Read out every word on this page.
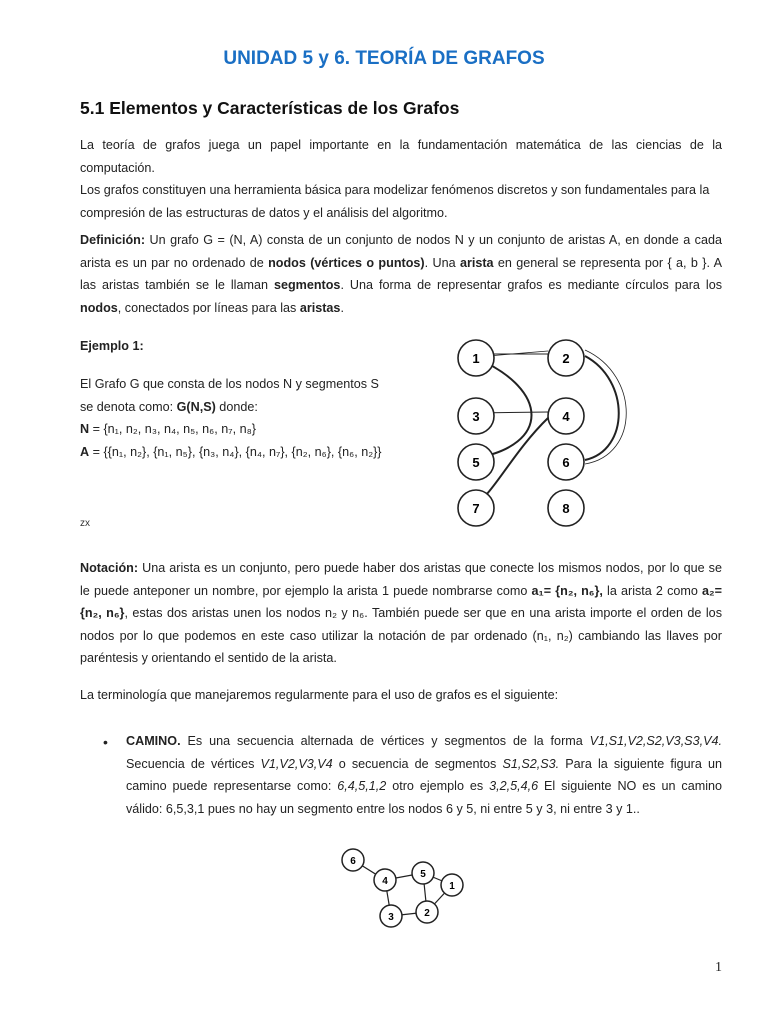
UNIDAD 5 y 6. TEORÍA DE GRAFOS
5.1 Elementos y Características de los Grafos
La teoría de grafos juega un papel importante en la fundamentación matemática de las ciencias de la computación.
Los grafos constituyen una herramienta básica para modelizar fenómenos discretos y son fundamentales para la
compresión de las estructuras de datos y el análisis del algoritmo.
Definición: Un grafo G = (N, A) consta de un conjunto de nodos N y un conjunto de aristas A, en donde a cada
arista es un par no ordenado de nodos (vértices o puntos). Una arista en general se representa por { a, b }. A
las aristas también se le llaman segmentos. Una forma de representar grafos es mediante círculos para los
nodos, conectados por líneas para las aristas.
Ejemplo 1:
El Grafo G que consta de los nodos N y segmentos S
se denota como: G(N,S) donde:
N = {n₁, n₂, n₃, n₄, n₅, n₆, n₇, n₈}
A = {{n₁, n₂}, {n₁, n₅}, {n₃, n₄}, {n₄, n₇}, {n₂, n₆}, {n₆, n₂}}
1	2
3	4
5	6
7	8
zx
Notación: Una arista es un conjunto, pero puede haber dos aristas que conecte los mismos nodos, por lo que se
le puede anteponer un nombre, por ejemplo la arista 1 puede nombrarse como a₁= {n₂, n₆}, la arista 2 como a₂=
{n₂, n₆}, estas dos aristas unen los nodos n₂ y n₆. También puede ser que en una arista importe el orden de los
nodos por lo que podemos en este caso utilizar la notación de par ordenado (n₁, n₂) cambiando las llaves por
paréntesis y orientando el sentido de la arista.
La terminología que manejaremos regularmente para el uso de grafos es el siguiente:
• CAMINO. Es una secuencia alternada de vértices y segmentos de la forma V1,S1,V2,S2,V3,S3,V4.
Secuencia de vértices V1,V2,V3,V4 o secuencia de segmentos S1,S2,S3. Para la siguiente figura un
camino puede representarse como: 6,4,5,1,2 otro ejemplo es 3,2,5,4,6 El siguiente NO es un camino
válido: 6,5,3,1 pues no hay un segmento entre los nodos 6 y 5, ni entre 5 y 3, ni entre 3 y 1..
6
4
5
1
3	2
1
